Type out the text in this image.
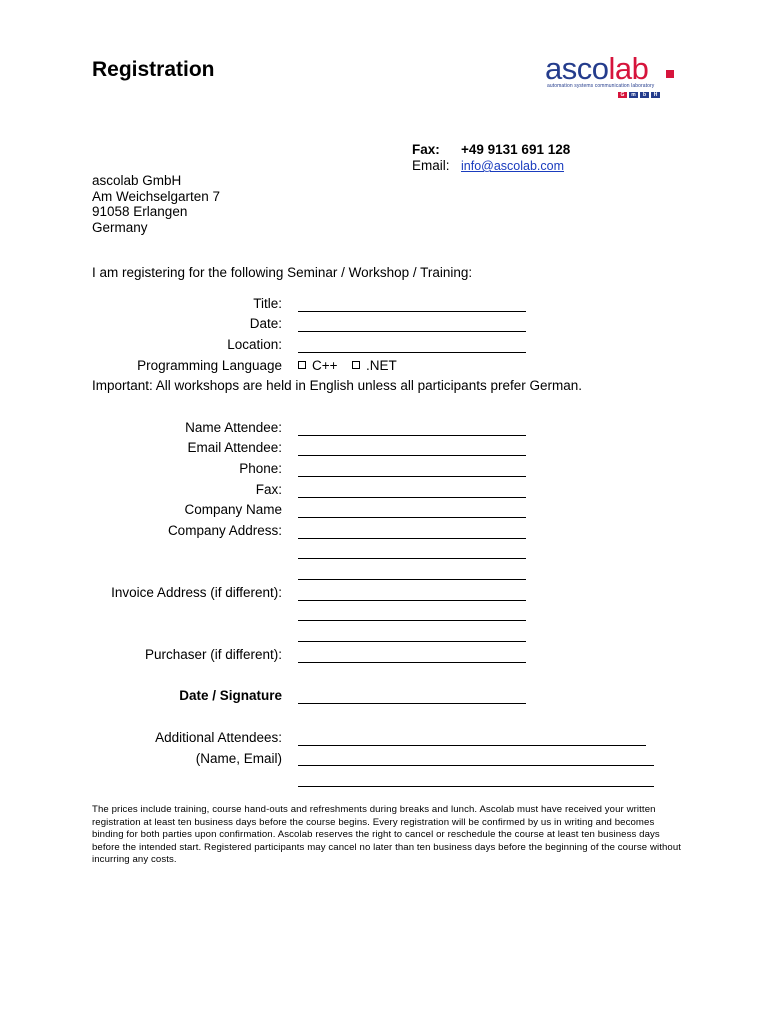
Registration	ascolab
automation systems communication laboratory
G	m	b	H
Fax: +49 9131 691 128
Email: info@ascolab.com
ascolab GmbH
Am Weichselgarten 7
91058 Erlangen
Germany
I am registering for the following Seminar / Workshop / Training:
Title:
Date:
Location:
Programming Language	C++	.NET
Important: All workshops are held in English unless all participants prefer German.
Name Attendee:
Email Attendee:
Phone:
Fax:
Company Name
Company Address:
Invoice Address (if different):
Purchaser (if different):
Date / Signature
Additional Attendees:
(Name, Email)
The prices include training, course hand-outs and refreshments during breaks and lunch. Ascolab must have received your written registration at least ten business days before the course begins. Every registration will be confirmed by us in writing and becomes binding for both parties upon confirmation. Ascolab reserves the right to cancel or reschedule the course at least ten business days before the intended start. Registered participants may cancel no later than ten business days before the beginning of the course without incurring any costs.
